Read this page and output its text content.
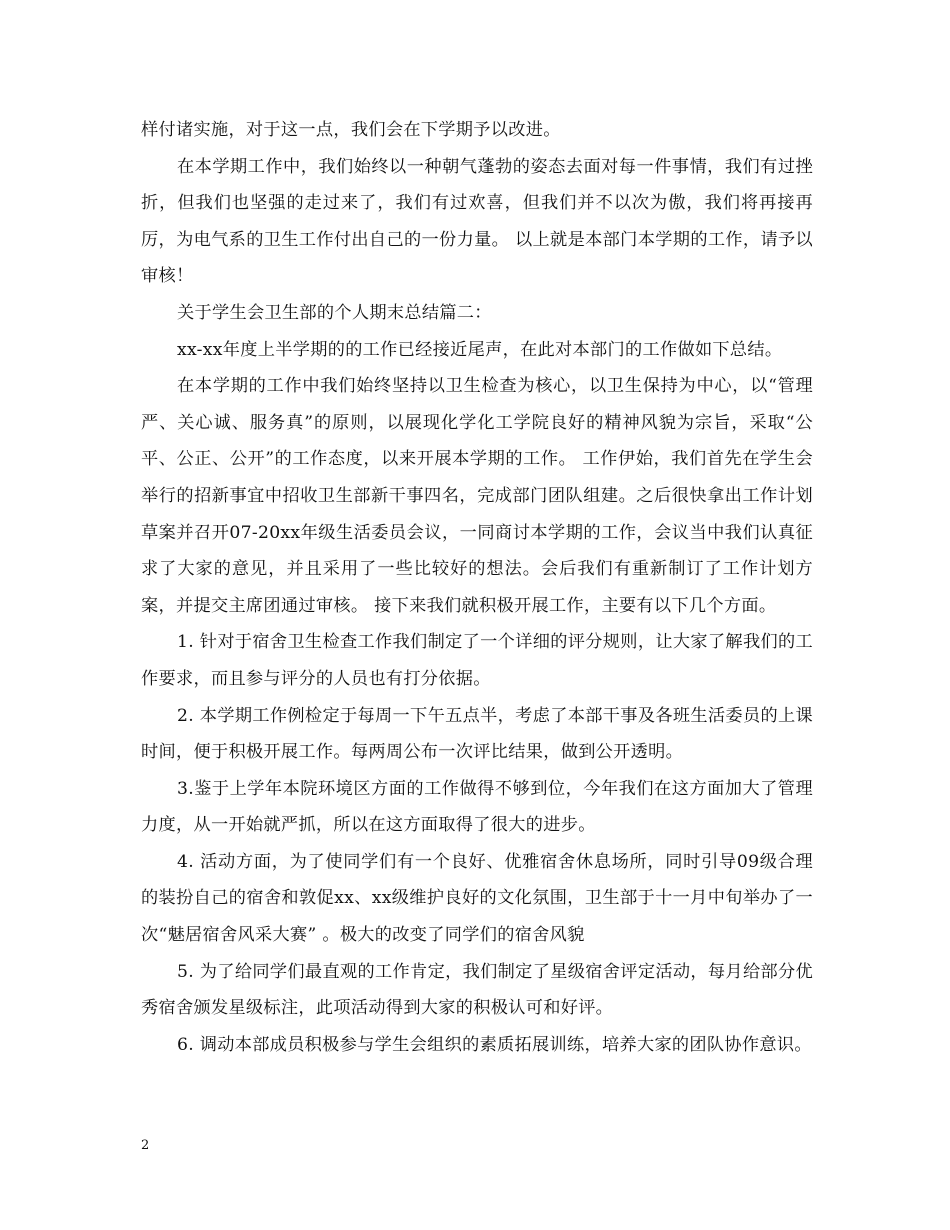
样付诸实施，对于这一点，我们会在下学期予以改进。

在本学期工作中，我们始终以一种朝气蓬勃的姿态去面对每一件事情，我们有过挫折，但我们也坚强的走过来了，我们有过欢喜，但我们并不以次为傲，我们将再接再厉，为电气系的卫生工作付出自己的一份力量。 以上就是本部门本学期的工作，请予以审核！

关于学生会卫生部的个人期末总结篇二：

xx-xx年度上半学期的的工作已经接近尾声，在此对本部门的工作做如下总结。

在本学期的工作中我们始终坚持以卫生检查为核心，以卫生保持为中心，以“管理严、关心诚、服务真”的原则，以展现化学化工学院良好的精神风貌为宗旨，采取“公平、公正、公开”的工作态度，以来开展本学期的工作。 工作伊始，我们首先在学生会举行的招新事宜中招收卫生部新干事四名，完成部门团队组建。之后很快拿出工作计划草案并召开07-20xx年级生活委员会议，一同商讨本学期的工作，会议当中我们认真征求了大家的意见，并且采用了一些比较好的想法。会后我们有重新制订了工作计划方案，并提交主席团通过审核。 接下来我们就积极开展工作，主要有以下几个方面。

1. 针对于宿舍卫生检查工作我们制定了一个详细的评分规则，让大家了解我们的工作要求，而且参与评分的人员也有打分依据。

2. 本学期工作例检定于每周一下午五点半，考虑了本部干事及各班生活委员的上课时间，便于积极开展工作。每两周公布一次评比结果，做到公开透明。

3.鉴于上学年本院环境区方面的工作做得不够到位，今年我们在这方面加大了管理力度，从一开始就严抓，所以在这方面取得了很大的进步。

4. 活动方面，为了使同学们有一个良好、优雅宿舍休息场所，同时引导09级合理的装扮自己的宿舍和敦促xx、xx级维护良好的文化氛围，卫生部于十一月中旬举办了一次“魅居宿舍风采大赛” 。极大的改变了同学们的宿舍风貌

5. 为了给同学们最直观的工作肯定，我们制定了星级宿舍评定活动，每月给部分优秀宿舍颁发星级标注，此项活动得到大家的积极认可和好评。

6. 调动本部成员积极参与学生会组织的素质拓展训练，培养大家的团队协作意识。

2
